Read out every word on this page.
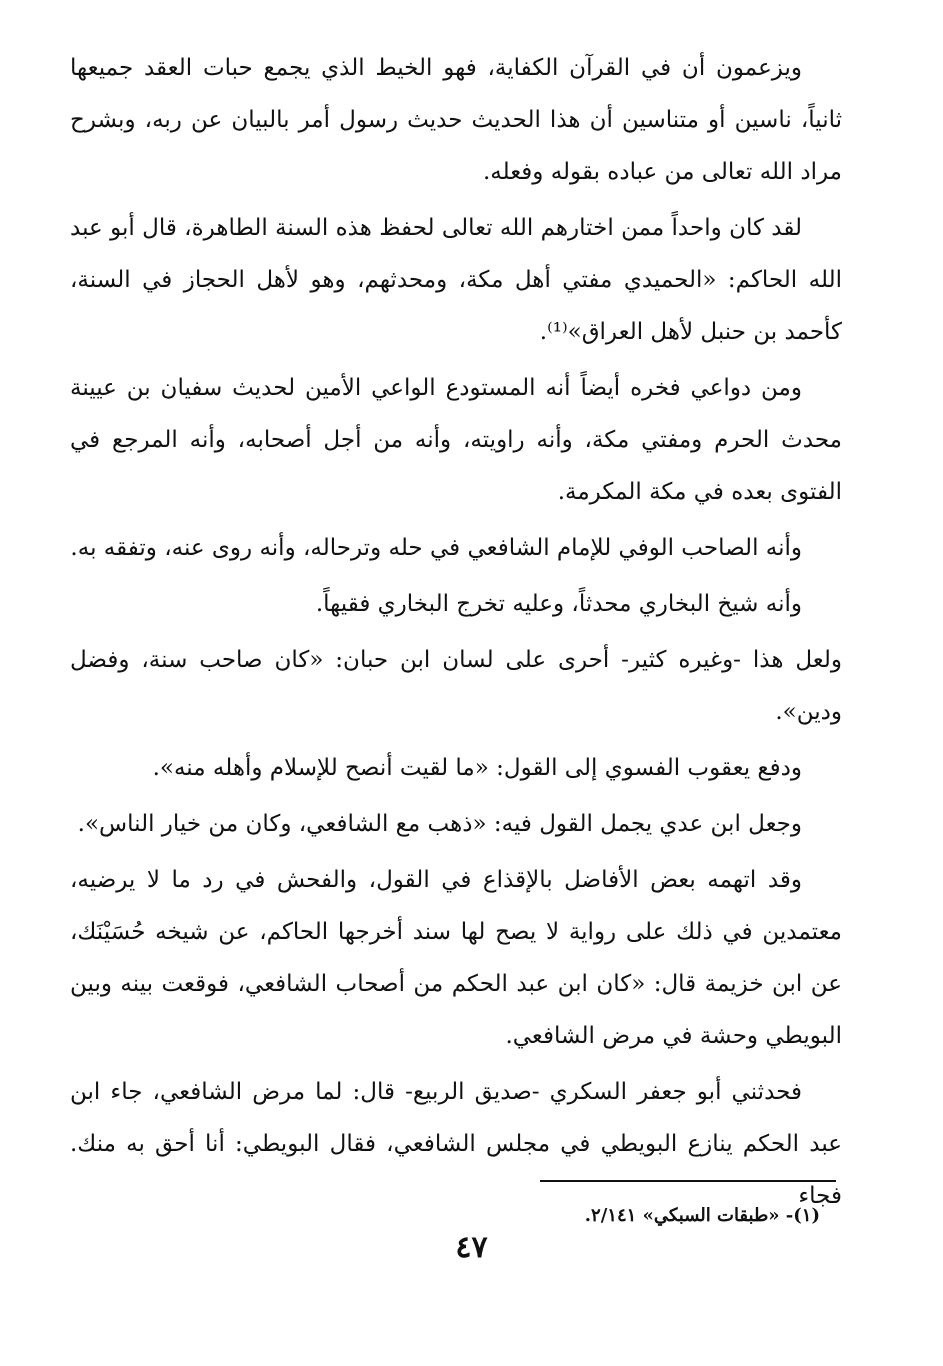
ويزعمون أن في القرآن الكفاية، فهو الخيط الذي يجمع حبات العقد جميعها ثانياً، ناسين أو متناسين أن هذا الحديث حديث رسول أمر بالبيان عن ربه، وبشرح مراد الله تعالى من عباده بقوله وفعله.

لقد كان واحداً ممن اختارهم الله تعالى لحفظ هذه السنة الطاهرة، قال أبو عبد الله الحاكم: «الحميدي مفتي أهل مكة، ومحدثهم، وهو لأهل الحجاز في السنة، كأحمد بن حنبل لأهل العراق»⁽¹⁾.

ومن دواعي فخره أيضاً أنه المستودع الواعي الأمين لحديث سفيان بن عيينة محدث الحرم ومفتي مكة، وأنه راويته، وأنه من أجل أصحابه، وأنه المرجع في الفتوى بعده في مكة المكرمة.

وأنه الصاحب الوفي للإمام الشافعي في حله وترحاله، وأنه روى عنه، وتفقه به.

وأنه شيخ البخاري محدثاً، وعليه تخرج البخاري فقيهاً.

ولعل هذا -وغيره كثير- أحرى على لسان ابن حبان: «كان صاحب سنة، وفضل ودين».

ودفع يعقوب الفسوي إلى القول: «ما لقيت أنصح للإسلام وأهله منه».

وجعل ابن عدي يجمل القول فيه: «ذهب مع الشافعي، وكان من خيار الناس».

وقد اتهمه بعض الأفاضل بالإقذاع في القول، والفحش في رد ما لا يرضيه، معتمدين في ذلك على رواية لا يصح لها سند أخرجها الحاكم، عن شيخه حُسَيْنَك، عن ابن خزيمة قال: «كان ابن عبد الحكم من أصحاب الشافعي، فوقعت بينه وبين البويطي وحشة في مرض الشافعي.

فحدثني أبو جعفر السكري -صديق الربيع- قال: لما مرض الشافعي، جاء ابن عبد الحكم ينازع البويطي في مجلس الشافعي، فقال البويطي: أنا أحق به منك. فجاء

(١)- «طبقات السبكي» ٢/١٤١.
٤٧
